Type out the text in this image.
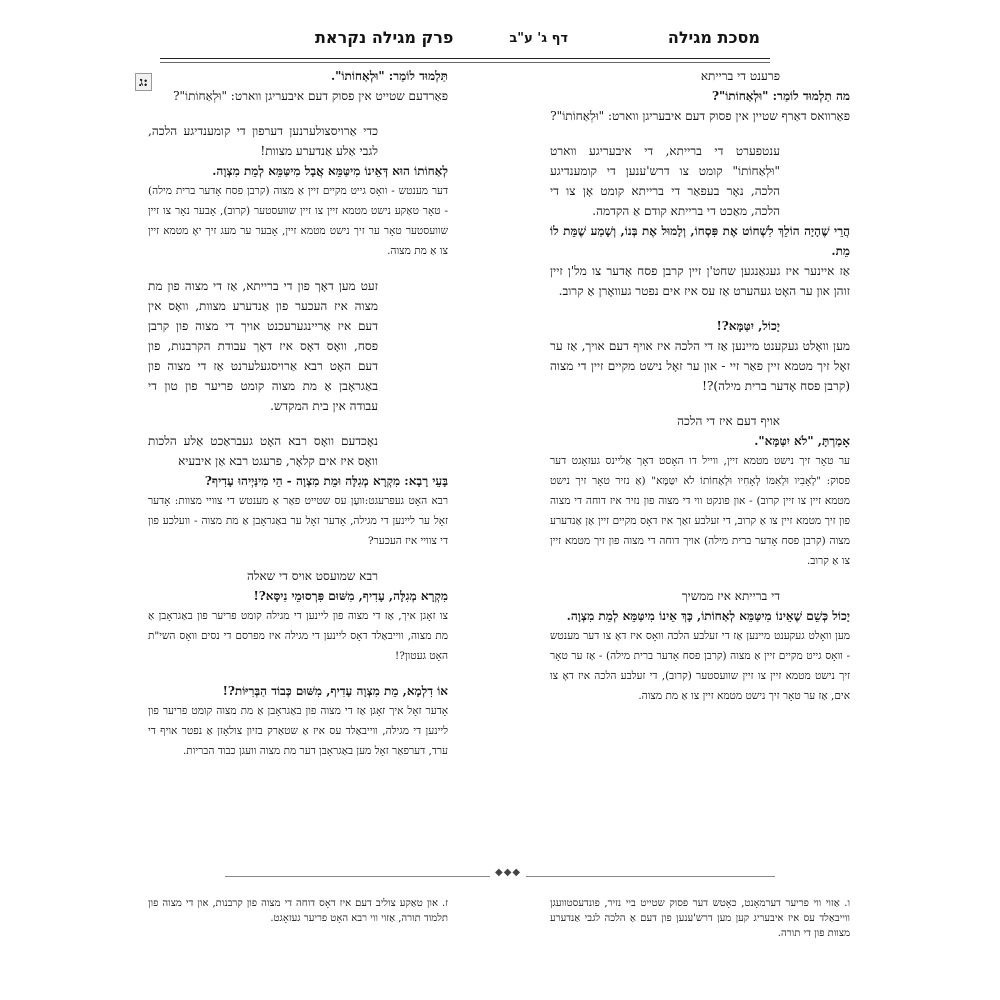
מסכת מגילה
דף ג' ע"ב
פרק מגילה נקראת
ג:	פרענט די ברייתא
מה תַלְמוּד לוֹמַר: "וּלְאַחוֹתוֹ"?
פאַרוואס דאַרף שטיין אין פסוק דעם איבעריגן ווארט: "וּלְאַחוֹתוֹ"?
ענטפערט די ברייתא, די איבעריגע ווארט "וּלְאַחוֹתוֹ" קומט צו דרש'ענען די קומענדיגע הלכה, נאָר בעפאַר די ברייתא קומט אָן צו די הלכה, מאַכט די ברייתא קודם אַ הקדמה.
הֲרֵי שֶׁהָיָה הוֹלֵךְ לִשְׁחוֹט אֶת פִּסְחוֹ, וְלָמוּל אֶת בְּנוֹ, וְשָׁמַע שֶׁמֵּת לוֹ מֵת.
אַז איינער איז געגאַנגען שחט'ן זיין קרבן פסח אָדער צו מל'ן זיין זוהן און ער האָט געהערט אַז עס איז אים נפטר געוואָרן אַ קרוב.
יָכוֹל, יִטַּמָּא?!
מען וואָלט געקענט מיינען אַז די הלכה איז אויף דעם אויך, אַז ער זאָל זיך מטמא זיין פאַר זיי - און ער זאָל נישט מקיים זיין די מצוה (קרבן פסח אָדער ברית מילה)?!
אויף דעם איז די הלכה
אָמַרְתָּ, "לֹא יִטַּמָּא".
ער טאָר זיך נישט מטמא זיין, ווייל דו האָסט דאָך אַליינס געזאָגט דער פסוק: "לְאָבִיו וּלְאִמּוֹ לְאָחִיו וּלְאַחוֹתוֹ לֹא יִטַּמָּא" (אַ נזיר טאָר זיך נישט מטמא זיין צו זיין קרוב) - און פונקט ווי די מצוה פון נזיר איז דוחה די מצוה פון זיך מטמא זיין צו אַ קרוב, די זעלבע זאַך איז דאָס מקיים זיין אַן אַנדערע מצוה (קרבן פסח אָדער ברית מילה) אויך דוחה די מצוה פון זיך מטמא זיין צו אַ קרוב.
די ברייתא איז ממשיך
יָכוֹל כְּשֵׁם שֶׁאֵינוֹ מִיטַּמֵּא לְאַחוֹתוֹ, כָּךְ אֵינוֹ מִיטַּמֵּא לְמֵת מִצְוָה.
מען וואָלט געקענט מיינען אַז די זעלבע הלכה וואָס איז דאָ צו דער מענטש - וואָס גייט מקיים זיין אַ מצוה (קרבן פסח אָדער ברית מילה) - אַז ער טאָר זיך נישט מטמא זיין צו זיין שוועסטער (קרוב), די זעלבע הלכה איז דאָ צו אים, אַז ער טאָר זיך נישט מטמא זיין צו אַ מת מצוה.
תַּלְמוּד לוֹמַר: "וּלְאַחוֹתוֹ".
פאַרדעם שטייט אין פסוק דעם איבעריגן ווארט: "וּלְאַחוֹתוֹ"?
כדי אַרויסצולערנען דערפון די קומענדיגע הלכה, לגבי אַלע אַנדערע מצוות!
לְאַחוֹתוֹ הוּא דְּאֵינוֹ מִיטַּמֵּא אֲבָל מִיטַּמֵּא לְמֵת מִצְוָה.
דער מענטש - וואָס גייט מקיים זיין אַ מצוה (קרבן פסח אָדער ברית מילה) - טאָר טאַקע נישט מטמא זיין צו זיין שוועסטער (קרוב), אָבער נאָר צו זיין שוועסטער טאָר ער זיך נישט מטמא זיין, אָבער ער מעג זיך יאָ מטמא זיין צו אַ מת מצוה.
זעט מען דאָך פון די ברייתא, אַז די מצוה פון מת מצוה איז העכער פון אַנדערע מצוות, וואָס אין דעם איז אַריינגערעכנט אויך די מצוה פון קרבן פסח, וואָס דאָס איז דאָך עבודת הקרבנות, פון דעם האָט רבא אַרויסגעלערנט אַז די מצוה פון באַגראָבן אַ מת מצוה קומט פריער פון טון די עבודה אין בית המקדש.
נאָכדעם וואָס רבא האָט געבראַכט אַלע הלכות וואָס איז אים קלאָר, פרעגט רבא אַן איבעיא
בָּעֵי רָבָא: מִקְרָא מְגִלָּה וּמֵת מִצְוָה - הֵי מִינַּיְיהוּ עָדִיף?
רבא האָט געפרעגט:וועַן עס שטייט פאַר אַ מענטש די צוויי מצוות: אָדער זאָל ער ליינען די מגילה, אָדער זאָל ער באַגראָבן אַ מת מצוה - וועלכע פון די צוויי איז העכער?
רבא שמועסט אויס די שאלה
מִקְרָא מְגִלָּה, עָדִיף, מִשּׁוּם פִּרְסוּמֵי נִיסָּא?!
צו זאָגן איך, אַז די מצוה פון ליינען די מגילה קומט פריער פון באַגראָבן אַ מת מצוה, ווייבאַלד דאָס ליינען די מגילה איז מפרסם די נסים וואָס השי"ת האָט געטון?!
אוֹ דִלְמָא, מֵת מִצְוָה עָדִיף, מִשּׁוּם כְּבוֹד הַבְּרִיּוֹת?!
אָדער זאָל איך זאָגן אַז די מצוה פון באַגראָבן אַ מת מצוה קומט פריער פון ליינען די מגילה, ווייבאַלד עס איז אַ שטאַרק בזיון צולאָזן אַ נפטר אויף די ערד, דערפאַר זאָל מען באַגראָבן דער מת מצוה וועגן כבוד הבריות.
◆◆◆
ו. אַזוי ווי פריער דערמאָנט, כאָטש דער פסוק שטייט ביי נזיר, פונדעסטוועגן ווייבאַלד עס איז איבעריג קען מען דרש'ענען פון דעם אַ הלכה לגבי אַנדערע מצוות פון די תורה.
ז. און טאַקע צוליב דעם איז דאָס דוחה די מצוה פון קרבנות, און די מצוה פון תלמוד תורה, אַזוי ווי רבא האָט פריער געזאָגט.
